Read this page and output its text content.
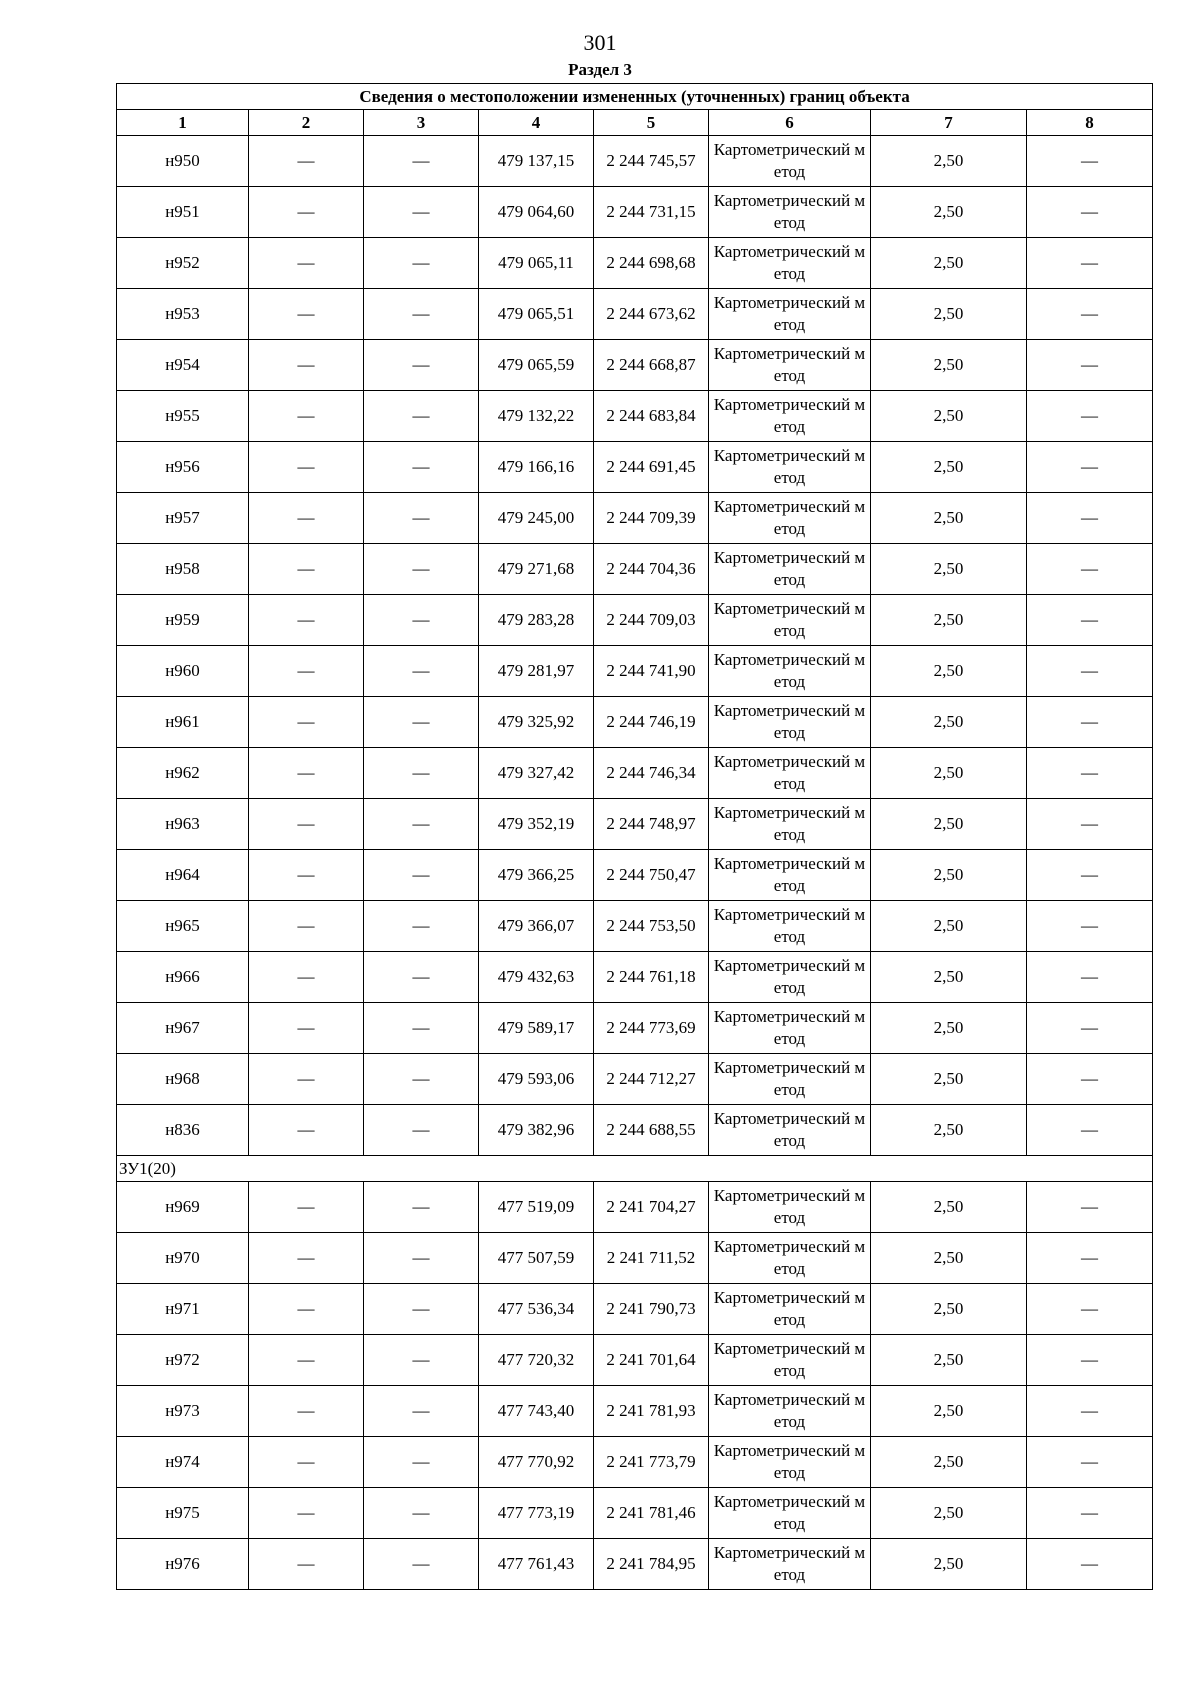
301
Раздел 3
Сведения о местоположении измененных (уточненных) границ объекта							
1	2	3	4	5	6	7	8
н950	—	—	479 137,15	2 244 745,57	Картометрический метод	2,50	—
н951	—	—	479 064,60	2 244 731,15	Картометрический метод	2,50	—
н952	—	—	479 065,11	2 244 698,68	Картометрический метод	2,50	—
н953	—	—	479 065,51	2 244 673,62	Картометрический метод	2,50	—
н954	—	—	479 065,59	2 244 668,87	Картометрический метод	2,50	—
н955	—	—	479 132,22	2 244 683,84	Картометрический метод	2,50	—
н956	—	—	479 166,16	2 244 691,45	Картометрический метод	2,50	—
н957	—	—	479 245,00	2 244 709,39	Картометрический метод	2,50	—
н958	—	—	479 271,68	2 244 704,36	Картометрический метод	2,50	—
н959	—	—	479 283,28	2 244 709,03	Картометрический метод	2,50	—
н960	—	—	479 281,97	2 244 741,90	Картометрический метод	2,50	—
н961	—	—	479 325,92	2 244 746,19	Картометрический метод	2,50	—
н962	—	—	479 327,42	2 244 746,34	Картометрический метод	2,50	—
н963	—	—	479 352,19	2 244 748,97	Картометрический метод	2,50	—
н964	—	—	479 366,25	2 244 750,47	Картометрический метод	2,50	—
н965	—	—	479 366,07	2 244 753,50	Картометрический метод	2,50	—
н966	—	—	479 432,63	2 244 761,18	Картометрический метод	2,50	—
н967	—	—	479 589,17	2 244 773,69	Картометрический метод	2,50	—
н968	—	—	479 593,06	2 244 712,27	Картометрический метод	2,50	—
н836	—	—	479 382,96	2 244 688,55	Картометрический метод	2,50	—
ЗУ1(20)							
н969	—	—	477 519,09	2 241 704,27	Картометрический метод	2,50	—
н970	—	—	477 507,59	2 241 711,52	Картометрический метод	2,50	—
н971	—	—	477 536,34	2 241 790,73	Картометрический метод	2,50	—
н972	—	—	477 720,32	2 241 701,64	Картометрический метод	2,50	—
н973	—	—	477 743,40	2 241 781,93	Картометрический метод	2,50	—
н974	—	—	477 770,92	2 241 773,79	Картометрический метод	2,50	—
н975	—	—	477 773,19	2 241 781,46	Картометрический метод	2,50	—
н976	—	—	477 761,43	2 241 784,95	Картометрический метод	2,50	—
